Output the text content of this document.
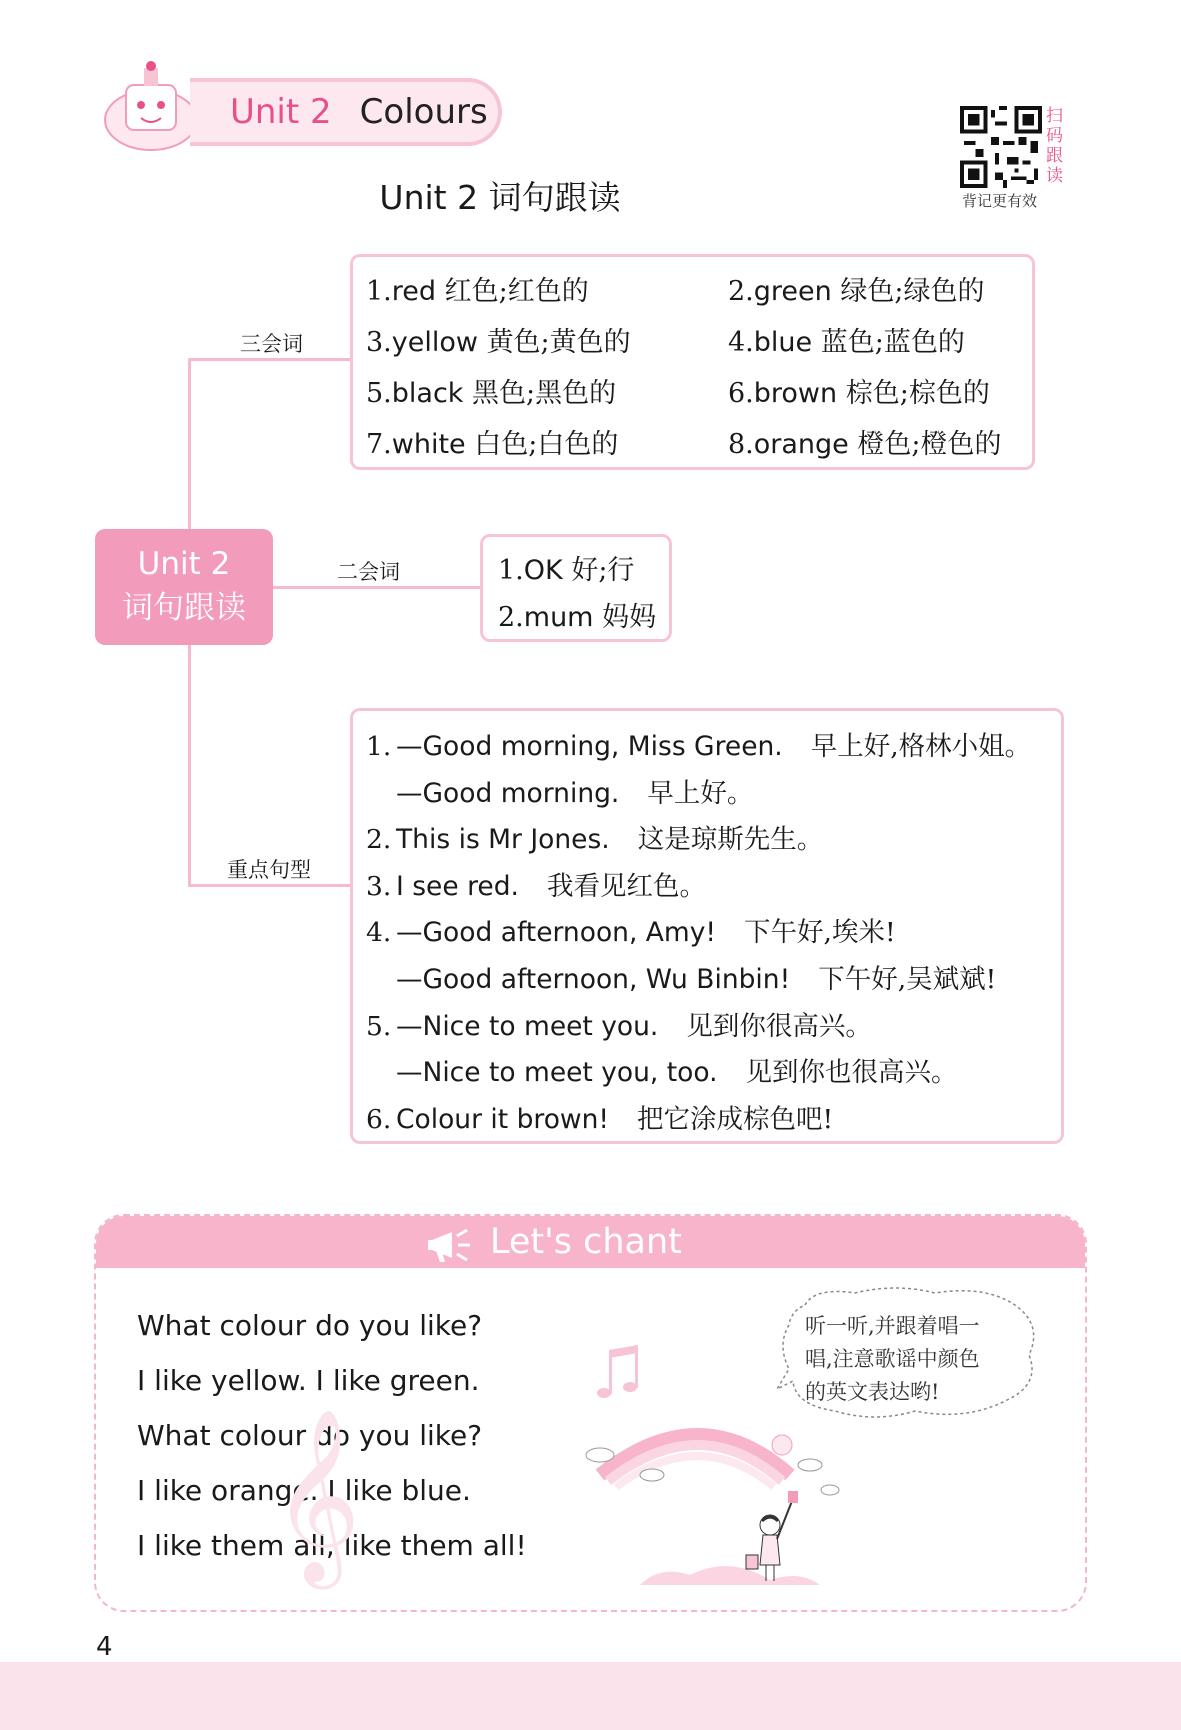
Unit 2 Colours
Unit 2 词句跟读
扫码跟读
背记更有效
三会词
二会词
重点句型
Unit 2
词句跟读
1.red 红色;红色的	2.green 绿色;绿色的
3.yellow 黄色;黄色的	4.blue 蓝色;蓝色的
5.black 黑色;黑色的	6.brown 棕色;棕色的
7.white 白色;白色的	8.orange 橙色;橙色的
1.OK 好;行
2.mum 妈妈
1. —Good morning, Miss Green. 早上好,格林小姐。
—Good morning. 早上好。
2. This is Mr Jones. 这是琼斯先生。
3. I see red. 我看见红色。
4. —Good afternoon, Amy! 下午好,埃米!
—Good afternoon, Wu Binbin! 下午好,吴斌斌!
5. —Nice to meet you. 见到你很高兴。
—Nice to meet you, too. 见到你也很高兴。
6. Colour it brown! 把它涂成棕色吧!
Let's chant
What colour do you like?
I like yellow. I like green.
What colour do you like?
I like orange. I like blue.
I like them all, like them all!
𝄞
听一听,并跟着唱一
唱,注意歌谣中颜色
的英文表达哟!
4
